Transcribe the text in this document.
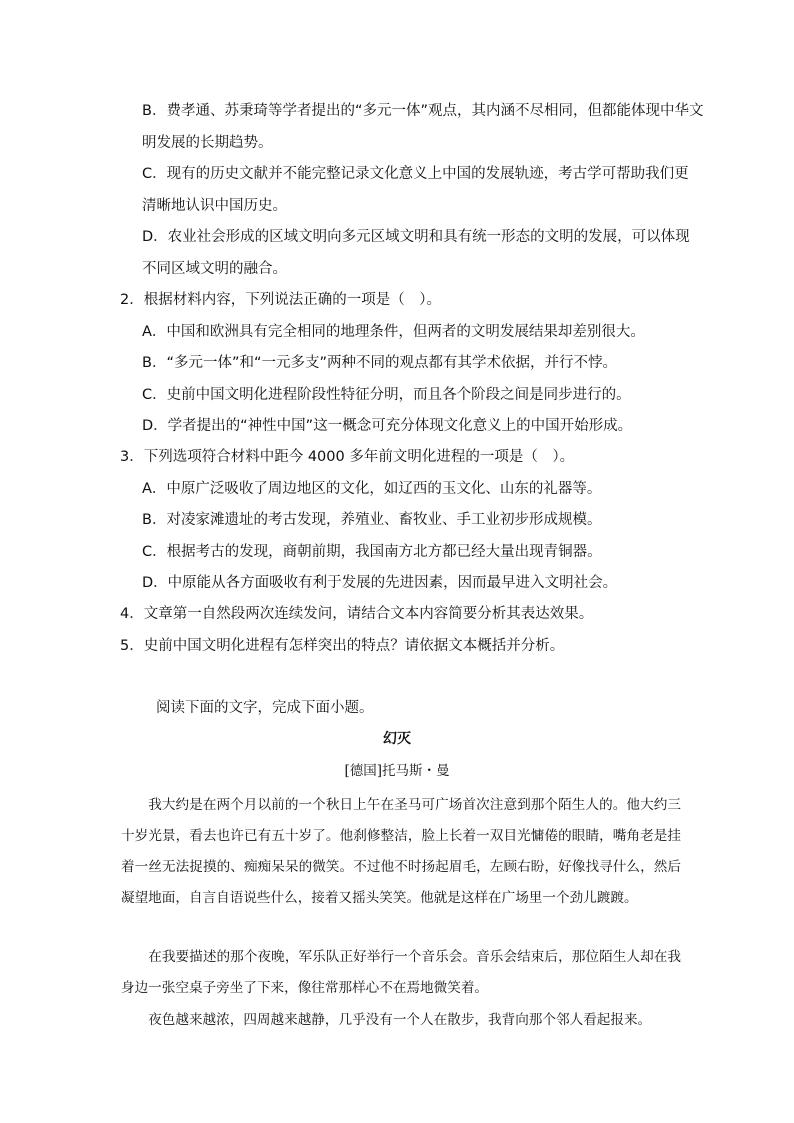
B．费孝通、苏秉琦等学者提出的“多元一体”观点，其内涵不尽相同，但都能体现中华文
明发展的长期趋势。
C．现有的历史文献并不能完整记录文化意义上中国的发展轨迹，考古学可帮助我们更
清晰地认识中国历史。
D．农业社会形成的区域文明向多元区域文明和具有统一形态的文明的发展，可以体现
不同区域文明的融合。
2．根据材料内容，下列说法正确的一项是（　）。
A．中国和欧洲具有完全相同的地理条件，但两者的文明发展结果却差别很大。
B．“多元一体”和“一元多支”两种不同的观点都有其学术依据，并行不悖。
C．史前中国文明化进程阶段性特征分明，而且各个阶段之间是同步进行的。
D．学者提出的“神性中国”这一概念可充分体现文化意义上的中国开始形成。
3．下列选项符合材料中距今 4000 多年前文明化进程的一项是（　）。
A．中原广泛吸收了周边地区的文化，如辽西的玉文化、山东的礼器等。
B．对凌家滩遗址的考古发现，养殖业、畜牧业、手工业初步形成规模。
C．根据考古的发现，商朝前期，我国南方北方都已经大量出现青铜器。
D．中原能从各方面吸收有利于发展的先进因素，因而最早进入文明社会。
4．文章第一自然段两次连续发问，请结合文本内容简要分析其表达效果。
5．史前中国文明化进程有怎样突出的特点？请依据文本概括并分析。
阅读下面的文字，完成下面小题。
幻灭
[德国]托马斯・曼

我大约是在两个月以前的一个秋日上午在圣马可广场首次注意到那个陌生人的。他大约三十岁光景，看去也许已有五十岁了。他刹修整洁，脸上长着一双目光慵倦的眼睛，嘴角老是挂着一丝无法捉摸的、痴痴呆呆的微笑。不过他不时扬起眉毛，左顾右盼，好像找寻什么，然后凝望地面，自言自语说些什么，接着又摇头笑笑。他就是这样在广场里一个劲儿踱踱。

在我要描述的那个夜晚，军乐队正好举行一个音乐会。音乐会结束后，那位陌生人却在我身边一张空桌子旁坐了下来，像往常那样心不在焉地微笑着。

夜色越来越浓，四周越来越静，几乎没有一个人在散步，我背向那个邻人看起报来。
